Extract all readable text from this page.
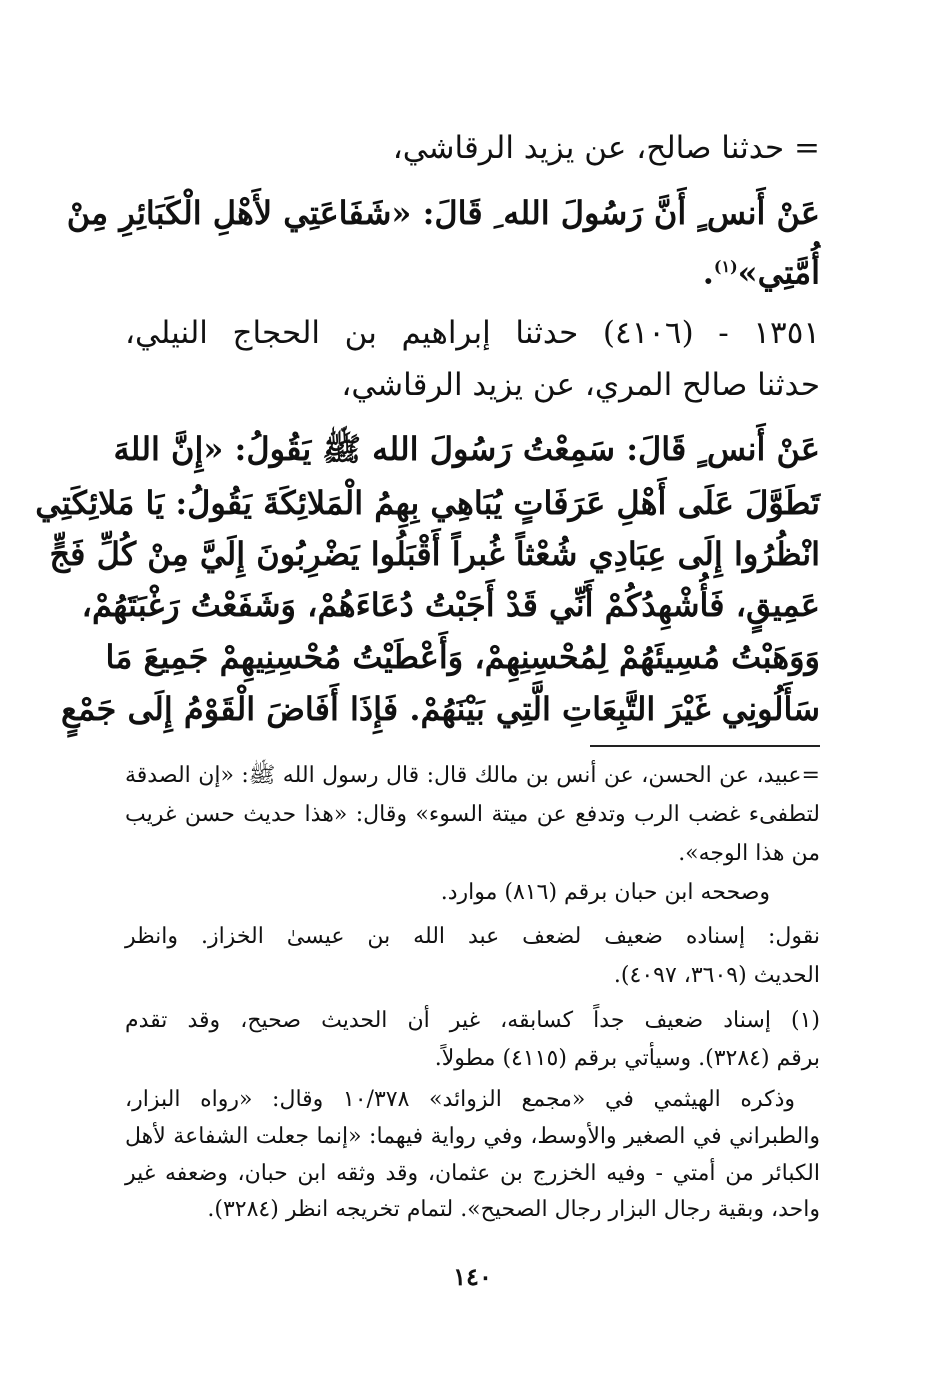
= حدثنا صالح، عن يزيد الرقاشي،
عَنْ أَنس ٍ أَنَّ رَسُولَ الله ِ قَالَ: «شَفَاعَتِي لأَهْلِ الْكَبَائِرِ مِنْ
أُمَّتِي»$^{(١)}$.
١٣٥١ - (٤١٠٦) حدثنا إبراهيم بن الحجاج النيلي،
حدثنا صالح المري، عن يزيد الرقاشي،
عَنْ أَنس ٍ قَالَ: سَمِعْتُ رَسُولَ الله ﷺ يَقُولُ: «إِنَّ اللهَ
تَطَوَّلَ عَلَى أَهْلِ عَرَفَاتٍ يُبَاهِي بِهِمُ الْمَلائِكَةَ يَقُولُ: يَا مَلائِكَتِي
انْظُرُوا إِلَى عِبَادِي شُعْثاً غُبراً أَقْبَلُوا يَضْرِبُونَ إِلَيَّ مِنْ كُلِّ فَجٍّ
عَمِيقٍ، فَأُشْهِدُكُمْ أَنِّي قَدْ أَجَبْتُ دُعَاءَهُمْ، وَشَفَعْتُ رَغْبَتَهُمْ،
وَوَهَبْتُ مُسِيئَهُمْ لِمُحْسِنِهِمْ، وَأَعْطَيْتُ مُحْسِنِيهِمْ جَمِيعَ مَا
سَأَلُونِي غَيْرَ التَّبِعَاتِ الَّتِي بَيْنَهُمْ. فَإِذَا أَفَاضَ الْقَوْمُ إِلَى جَمْعٍ
=عبيد، عن الحسن، عن أنس بن مالك قال: قال رسول الله ﷺ: «إن الصدقة
لتطفىء غضب الرب وتدفع عن ميتة السوء» وقال: «هذا حديث حسن غريب
من هذا الوجه».
وصححه ابن حبان برقم (٨١٦) موارد.
نقول: إسناده ضعيف لضعف عبد الله بن عيسىٰ الخزاز. وانظر
الحديث (٣٦٠٩، ٤٠٩٧).
(١) إسناد ضعيف جداً كسابقه، غير أن الحديث صحيح، وقد تقدم
برقم (٣٢٨٤). وسيأتي برقم (٤١١٥) مطولاً.
وذكره الهيثمي في «مجمع الزوائد» ١٠/٣٧٨ وقال: «رواه البزار،
والطبراني في الصغير والأوسط، وفي رواية فيهما: «إنما جعلت الشفاعة لأهل
الكبائر من أمتي - وفيه الخزرج بن عثمان، وقد وثقه ابن حبان، وضعفه غير
واحد، وبقية رجال البزار رجال الصحيح». لتمام تخريجه انظر (٣٢٨٤).
١٤٠
